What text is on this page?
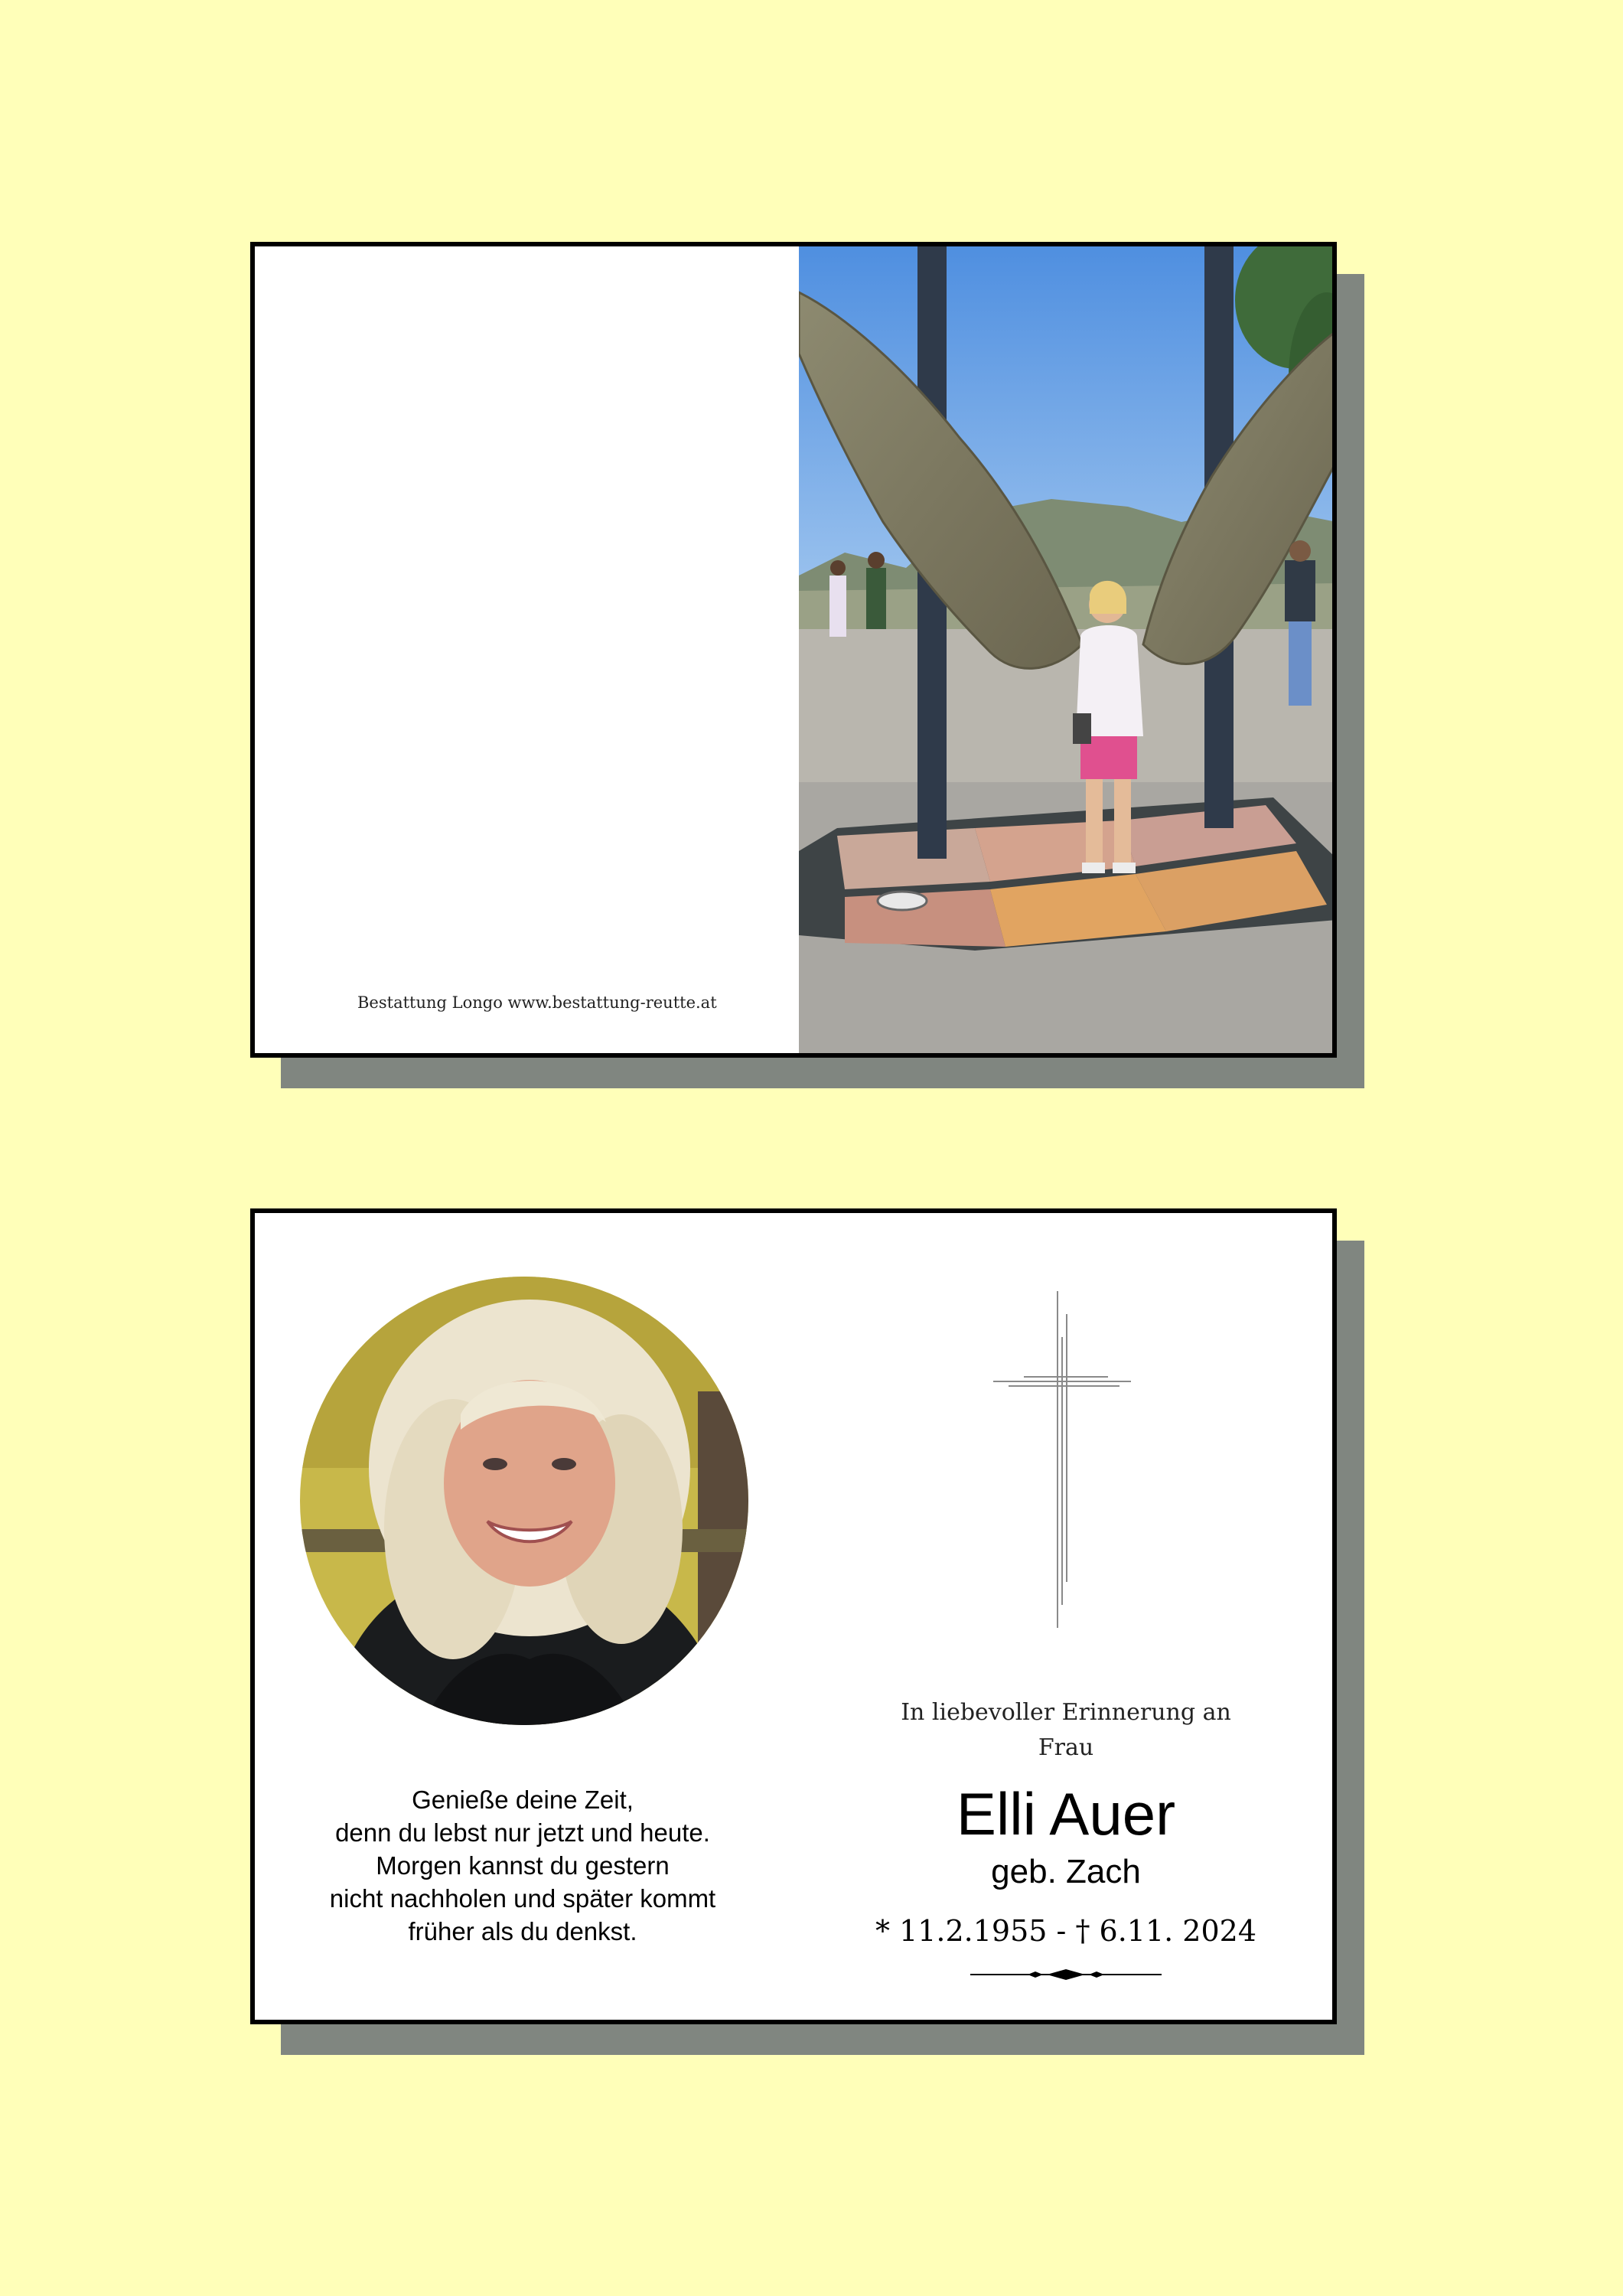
Bestattung Longo www.bestattung-reutte.at
Genieße deine Zeit,
denn du lebst nur jetzt und heute.
Morgen kannst du gestern
nicht nachholen und später kommt
früher als du denkst.
In liebevoller Erinnerung an
Frau
Elli Auer
geb. Zach
* 11.2.1955 - † 6.11. 2024
